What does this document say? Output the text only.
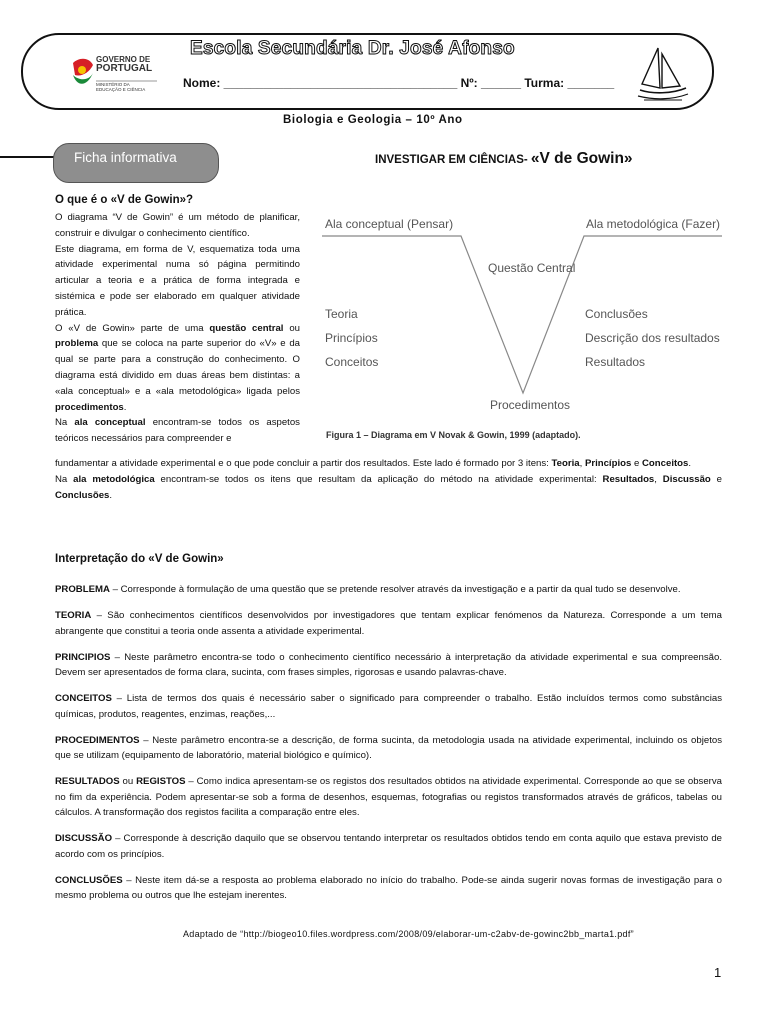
GOVERNO DE
PORTUGAL
MINISTÉRIO DA EDUCAÇÃO E CIÊNCIA
Escola Secundária Dr. José Afonso
Nome: ___________________________________ Nº: ______ Turma: _______
Biologia e Geologia – 10º Ano
Ficha informativa	INVESTIGAR EM CIÊNCIAS- «V de Gowin»
O que é o «V de Gowin»?

O diagrama “V de Gowin” é um método de planificar, construir e divulgar o conhecimento científico.

Este diagrama, em forma de V, esquematiza toda uma atividade experimental numa só página permitindo articular a teoria e a prática de forma integrada e sistémica e pode ser elaborado em qualquer atividade prática.

O «V de Gowin» parte de uma questão central ou problema que se coloca na parte superior do «V» e da qual se parte para a construção do conhecimento. O diagrama está dividido em duas áreas bem distintas: a «ala conceptual» e a «ala metodológica» ligada pelos procedimentos.

Na ala conceptual encontram-se todos os aspetos teóricos necessários para compreender e

Ala conceptual (Pensar)	Ala metodológica (Fazer)
Questão Central
Teoria
Princípios
Conceitos
Conclusões
Descrição dos resultados
Resultados
Procedimentos
Figura 1 – Diagrama em V Novak & Gowin, 1999 (adaptado).

fundamentar a atividade experimental e o que pode concluir a partir dos resultados. Este lado é formado por 3 itens: Teoria, Princípios e Conceitos.

Na ala metodológica encontram-se todos os itens que resultam da aplicação do método na atividade experimental: Resultados, Discussão e Conclusões.

Interpretação do «V de Gowin»

PROBLEMA – Corresponde à formulação de uma questão que se pretende resolver através da investigação e a partir da qual tudo se desenvolve.

TEORIA – São conhecimentos científicos desenvolvidos por investigadores que tentam explicar fenómenos da Natureza. Corresponde a um tema abrangente que constitui a teoria onde assenta a atividade experimental.

PRINCIPIOS – Neste parâmetro encontra-se todo o conhecimento científico necessário à interpretação da atividade experimental e sua compreensão. Devem ser apresentados de forma clara, sucinta, com frases simples, rigorosas e usando palavras-chave.

CONCEITOS – Lista de termos dos quais é necessário saber o significado para compreender o trabalho. Estão incluídos termos como substâncias químicas, produtos, reagentes, enzimas, reações,...

PROCEDIMENTOS – Neste parâmetro encontra-se a descrição, de forma sucinta, da metodologia usada na atividade experimental, incluindo os objetos que se utilizam (equipamento de laboratório, material biológico e químico).

RESULTADOS ou REGISTOS – Como indica apresentam-se os registos dos resultados obtidos na atividade experimental. Corresponde ao que se observa no fim da experiência. Podem apresentar-se sob a forma de desenhos, esquemas, fotografias ou registos transformados através de gráficos, tabelas ou cálculos. A transformação dos registos facilita a comparação entre eles.

DISCUSSÃO – Corresponde à descrição daquilo que se observou tentando interpretar os resultados obtidos tendo em conta aquilo que estava previsto de acordo com os princípios.

CONCLUSÕES – Neste item dá-se a resposta ao problema elaborado no início do trabalho. Pode-se ainda sugerir novas formas de investigação para o mesmo problema ou outros que lhe estejam inerentes.

Adaptado de “http://biogeo10.files.wordpress.com/2008/09/elaborar-um-c2abv-de-gowinc2bb_marta1.pdf”
1
